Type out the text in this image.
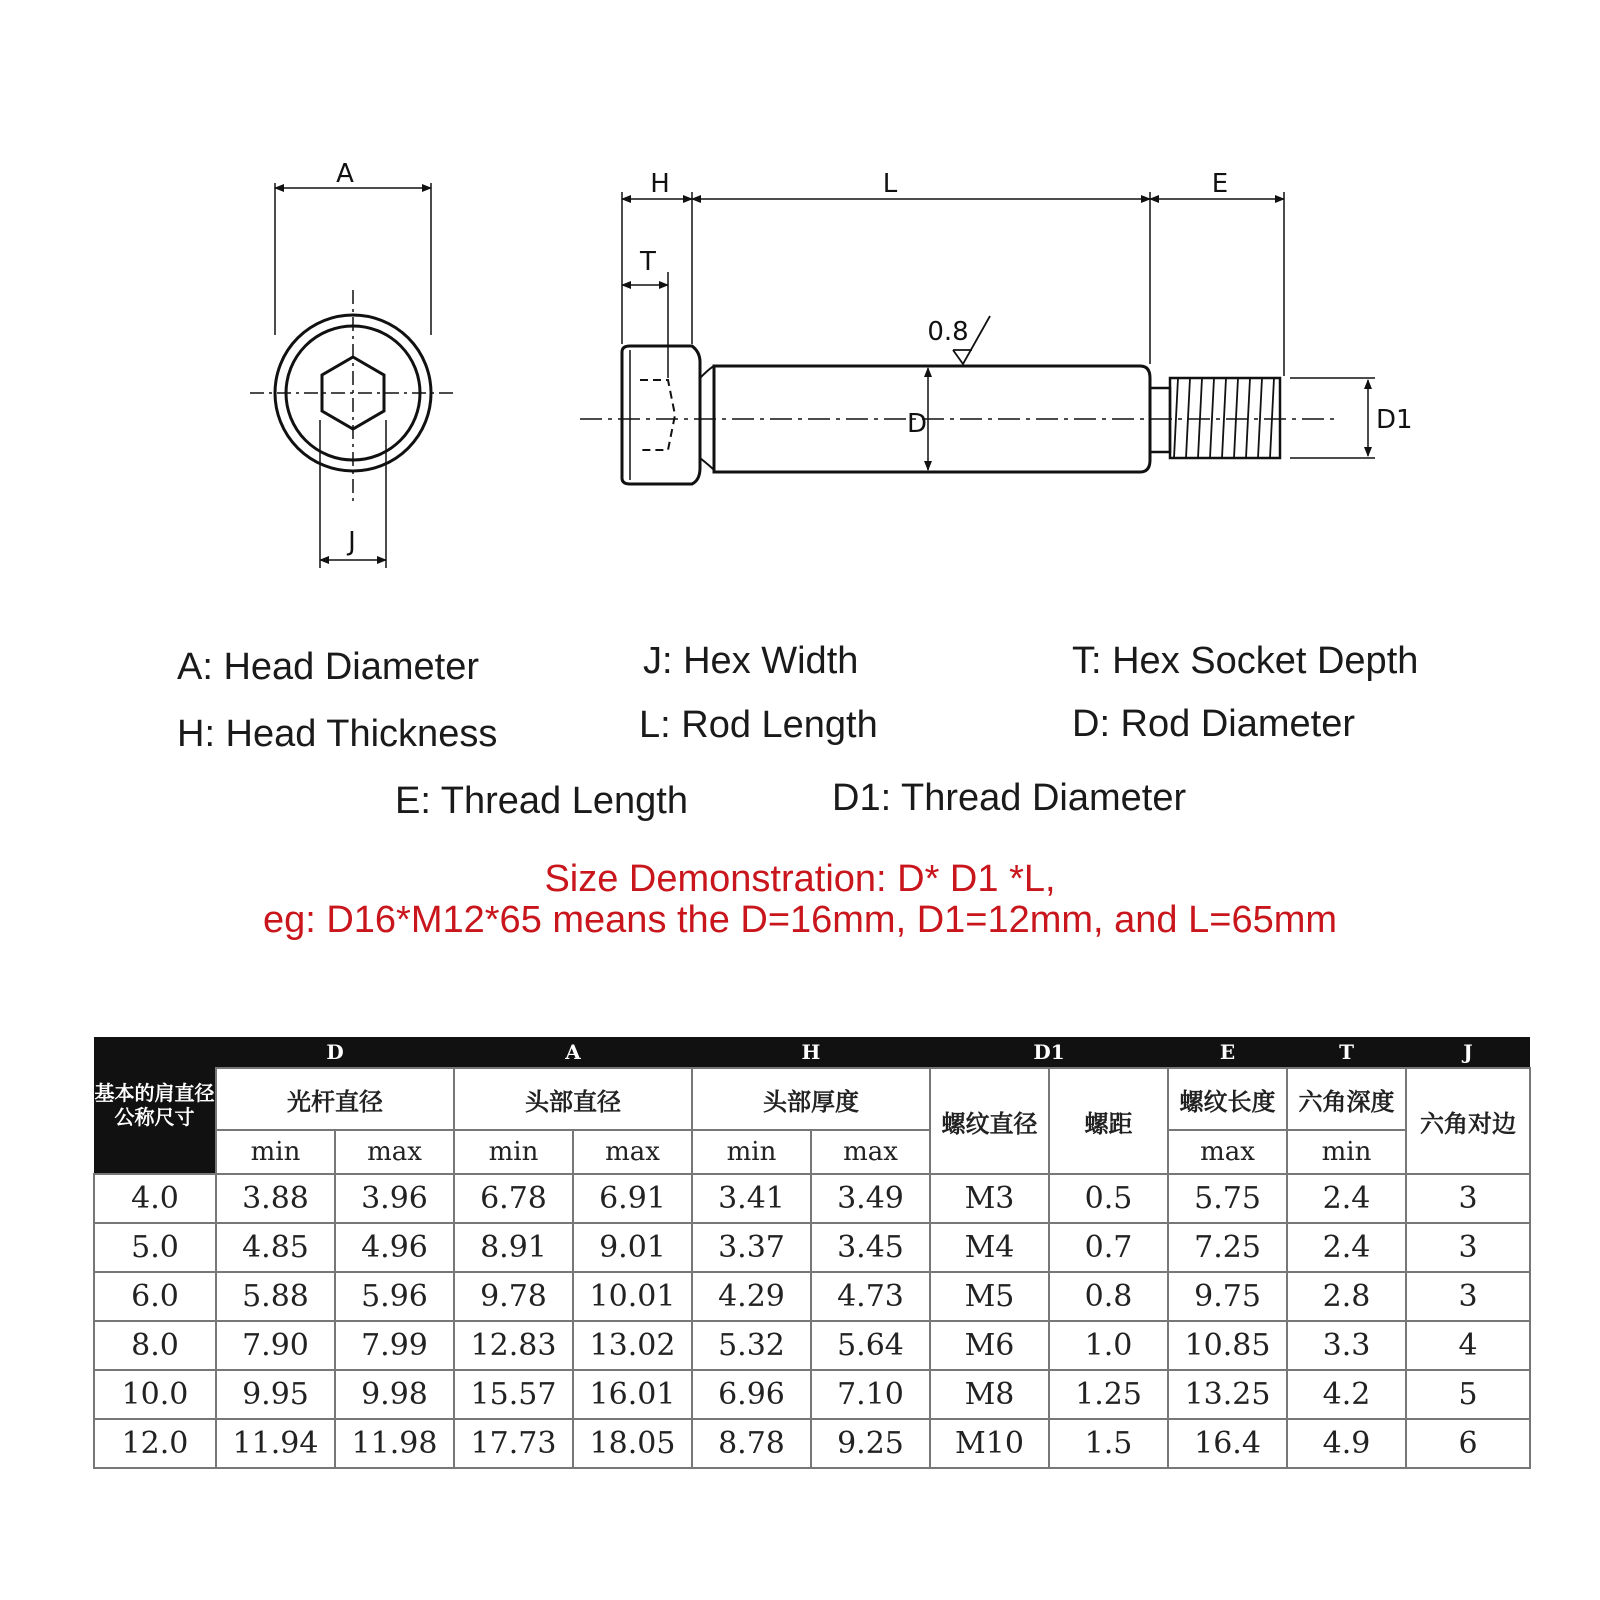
A
J
H
T
L	E
D	D1
0.8
A: Head Diameter	J: Hex Width	T: Hex Socket Depth
H: Head Thickness	L: Rod Length	D: Rod Diameter
E: Thread Length	D1: Thread Diameter
Size Demonstration: D* D1 *L,
eg: D16*M12*65 means the D=16mm, D1=12mm, and L=65mm
基本的肩直径公称尺寸	D		A		H		D1		E	T	J
	光杆直径		头部直径		头部厚度		螺纹直径	螺距	螺纹长度	六角深度	六角对边
	min	max	min	max	min	max			max	min	
4.0	3.88	3.96	6.78	6.91	3.41	3.49	M3	0.5	5.75	2.4	3
5.0	4.85	4.96	8.91	9.01	3.37	3.45	M4	0.7	7.25	2.4	3
6.0	5.88	5.96	9.78	10.01	4.29	4.73	M5	0.8	9.75	2.8	3
8.0	7.90	7.99	12.83	13.02	5.32	5.64	M6	1.0	10.85	3.3	4
10.0	9.95	9.98	15.57	16.01	6.96	7.10	M8	1.25	13.25	4.2	5
12.0	11.94	11.98	17.73	18.05	8.78	9.25	M10	1.5	16.4	4.9	6
